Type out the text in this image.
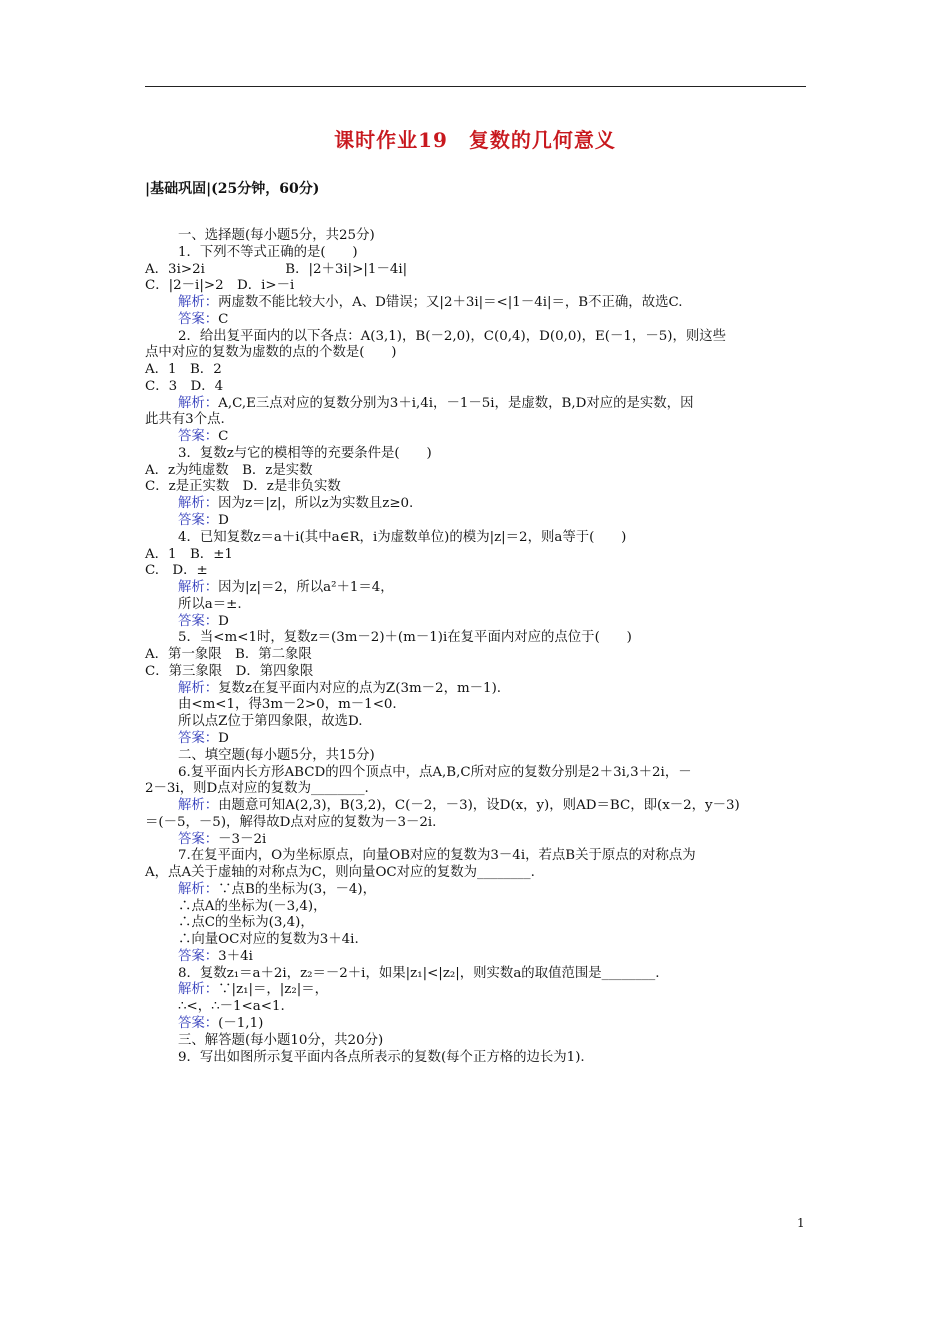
课时作业19　复数的几何意义
|基础巩固|(25分钟，60分)
一、选择题(每小题5分，共25分)
1．下列不等式正确的是(　　)
A．3i>2i　　　　　　B．|2＋3i|>|1－4i|
C．|2－i|>2　D．i>－i
解析：两虚数不能比较大小，A、D错误；又|2＋3i|＝<|1－4i|＝，B不正确，故选C.
答案：C
2．给出复平面内的以下各点：A(3,1)，B(－2,0)，C(0,4)，D(0,0)，E(－1，－5)，则这些
点中对应的复数为虚数的点的个数是(　　)
A．1　B．2
C．3　D．4
解析：A,C,E三点对应的复数分别为3＋i,4i，－1－5i，是虚数，B,D对应的是实数，因
此共有3个点.
答案：C
3．复数z与它的模相等的充要条件是(　　)
A．z为纯虚数　B．z是实数
C．z是正实数　D．z是非负实数
解析：因为z＝|z|，所以z为实数且z≥0.
答案：D
4．已知复数z＝a＋i(其中a∈R，i为虚数单位)的模为|z|＝2，则a等于(　　)
A．1　B．±1
C.　D．±
解析：因为|z|＝2，所以a²＋1＝4，
所以a＝±.
答案：D
5．当<m<1时，复数z＝(3m－2)＋(m－1)i在复平面内对应的点位于(　　)
A．第一象限　B．第二象限
C．第三象限　D．第四象限
解析：复数z在复平面内对应的点为Z(3m－2，m－1).
由<m<1，得3m－2>0，m－1<0.
所以点Z位于第四象限，故选D.
答案：D
二、填空题(每小题5分，共15分)
6.复平面内长方形ABCD的四个顶点中，点A,B,C所对应的复数分别是2＋3i,3＋2i，－
2－3i，则D点对应的复数为________.
解析：由题意可知A(2,3)，B(3,2)，C(－2，－3)，设D(x，y)，则AD＝BC，即(x－2，y－3)
＝(－5，－5)，解得故D点对应的复数为－3－2i.
答案：－3－2i
7.在复平面内，O为坐标原点，向量OB对应的复数为3－4i，若点B关于原点的对称点为
A，点A关于虚轴的对称点为C，则向量OC对应的复数为________.
解析：∵点B的坐标为(3，－4)，
∴点A的坐标为(－3,4)，
∴点C的坐标为(3,4)，
∴向量OC对应的复数为3＋4i.
答案：3＋4i
8．复数z₁＝a＋2i，z₂＝－2＋i，如果|z₁|<|z₂|，则实数a的取值范围是________.
解析：∵|z₁|＝，|z₂|＝，
∴<，∴－1<a<1.
答案：(－1,1)
三、解答题(每小题10分，共20分)
9．写出如图所示复平面内各点所表示的复数(每个正方格的边长为1).
1
